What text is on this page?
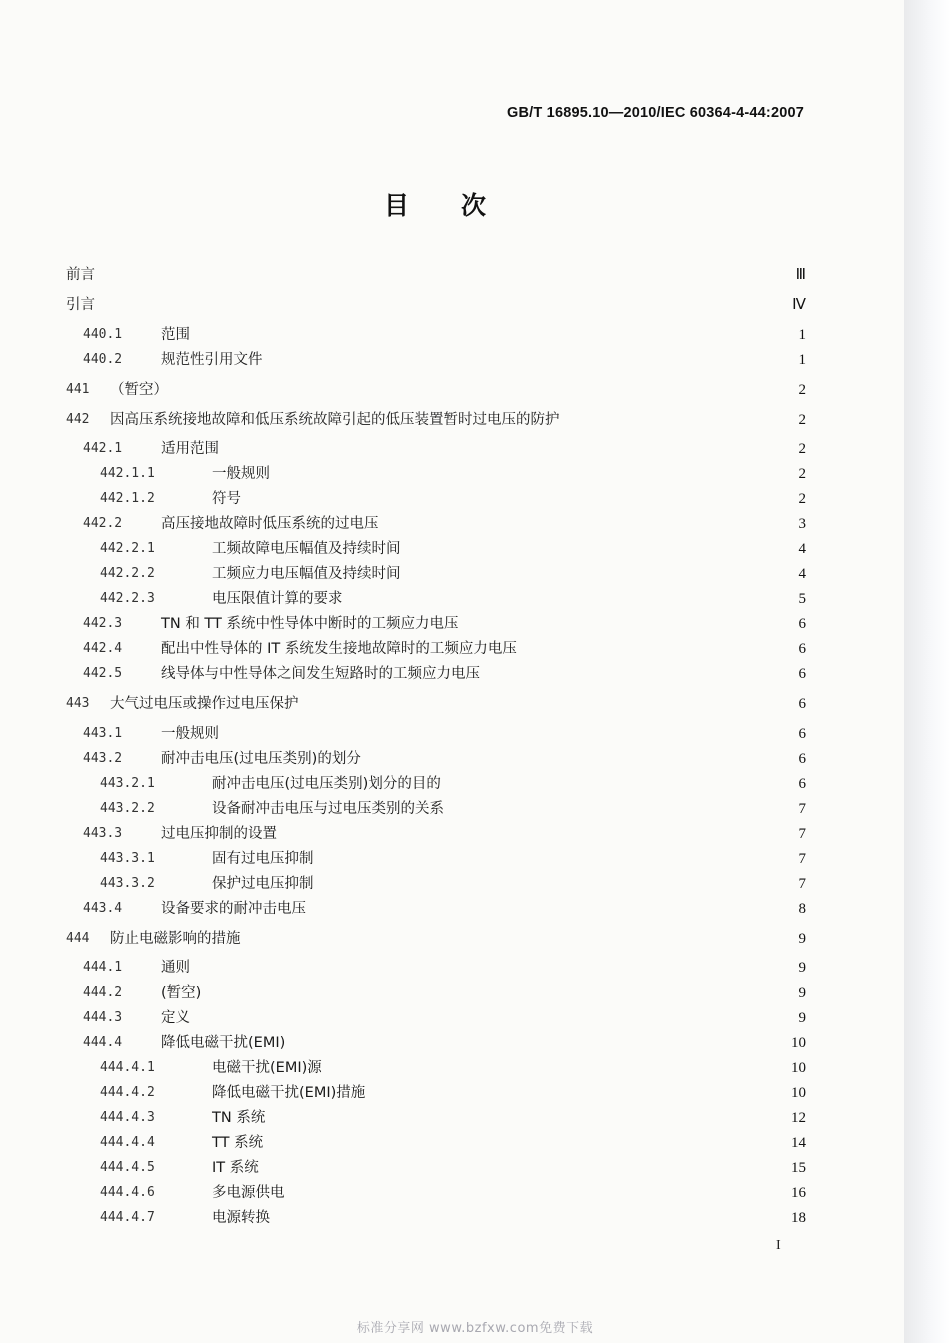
GB/T 16895.10—2010/IEC 60364-4-44:2007
目 次
前言	Ⅲ
引言	Ⅳ
440.1	范围	1
440.2	规范性引用文件	1
441	（暂空）	2
442	因高压系统接地故障和低压系统故障引起的低压装置暂时过电压的防护	2
442.1	适用范围	2
442.1.1	一般规则	2
442.1.2	符号	2
442.2	高压接地故障时低压系统的过电压	3
442.2.1	工频故障电压幅值及持续时间	4
442.2.2	工频应力电压幅值及持续时间	4
442.2.3	电压限值计算的要求	5
442.3	TN 和 TT 系统中性导体中断时的工频应力电压	6
442.4	配出中性导体的 IT 系统发生接地故障时的工频应力电压	6
442.5	线导体与中性导体之间发生短路时的工频应力电压	6
443	大气过电压或操作过电压保护	6
443.1	一般规则	6
443.2	耐冲击电压(过电压类别)的划分	6
443.2.1	耐冲击电压(过电压类别)划分的目的	6
443.2.2	设备耐冲击电压与过电压类别的关系	7
443.3	过电压抑制的设置	7
443.3.1	固有过电压抑制	7
443.3.2	保护过电压抑制	7
443.4	设备要求的耐冲击电压	8
444	防止电磁影响的措施	9
444.1	通则	9
444.2	(暂空)	9
444.3	定义	9
444.4	降低电磁干扰(EMI)	10
444.4.1	电磁干扰(EMI)源	10
444.4.2	降低电磁干扰(EMI)措施	10
444.4.3	TN 系统	12
444.4.4	TT 系统	14
444.4.5	IT 系统	15
444.4.6	多电源供电	16
444.4.7	电源转换	18
I
标准分享网 www.bzfxw.com免费下载
